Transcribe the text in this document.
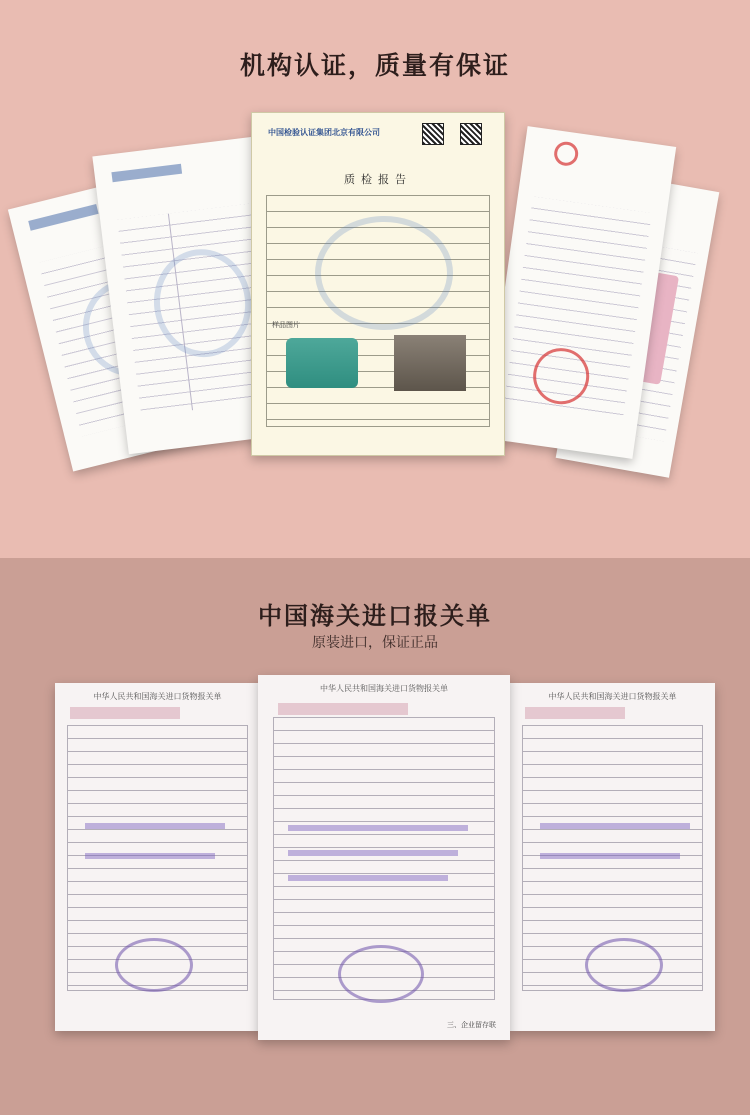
机构认证，质量有保证
中国检验认证集团北京有限公司
质检报告
样品图片
中国海关进口报关单
原装进口，保证正品
中华人民共和国海关进口货物报关单	中华人民共和国海关进口货物报关单
中华人民共和国海关进口货物报关单
三、企业留存联
